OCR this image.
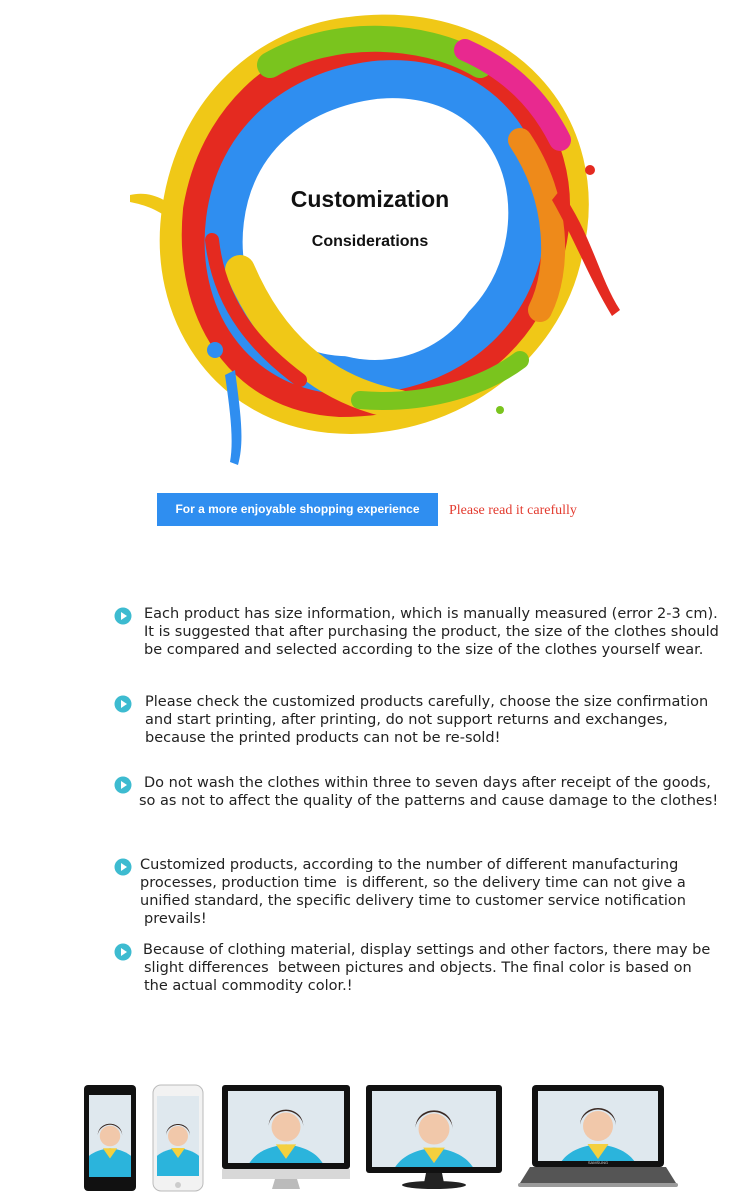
Customization
Considerations
For a more enjoyable shopping experience	Please read it carefully
Each product has size information, which is manually measured (error 2-3 cm).
It is suggested that after purchasing the product, the size of the clothes should
be compared and selected according to the size of the clothes yourself wear.
Please check the customized products carefully, choose the size confirmation
and start printing, after printing, do not support returns and exchanges,
because the printed products can not be re-sold!
Do not wash the clothes within three to seven days after receipt of the goods,
so as not to affect the quality of the patterns and cause damage to the clothes!
Customized products, according to the number of different manufacturing
processes, production time  is different, so the delivery time can not give a
unified standard, the specific delivery time to customer service notification
prevails!
Because of clothing material, display settings and other factors, there may be
slight differences  between pictures and objects. The final color is based on
the actual commodity color.!
SAMSUNG
